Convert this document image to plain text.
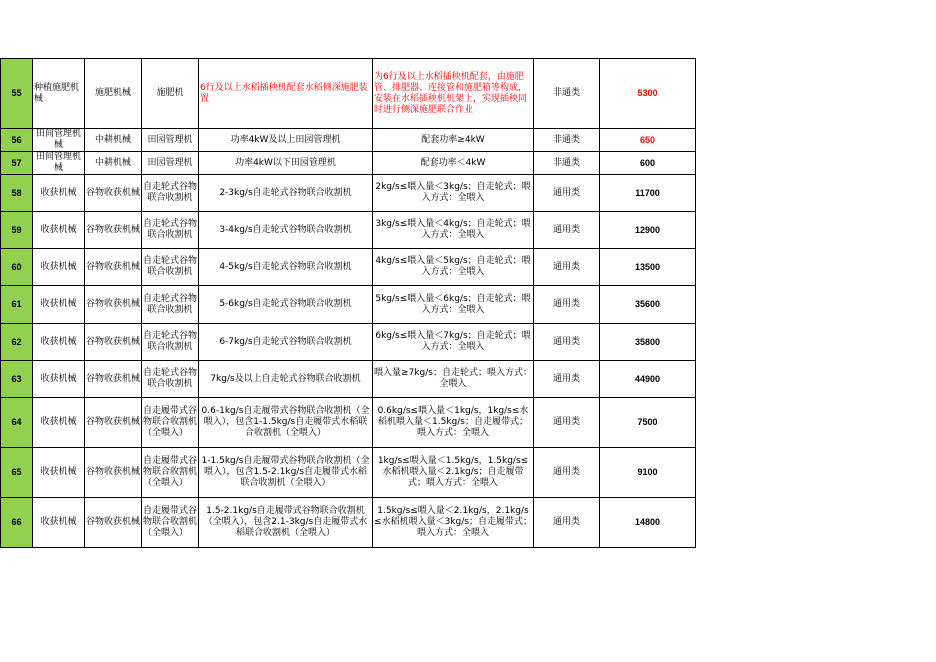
55	种植施肥机械	施肥机械	施肥机	6行及以上水稻插秧机配套水稻侧深施肥装置	为6行及以上水稻插秧机配套，由施肥管、排肥器、连接管和施肥箱等构成，安装在水稻插秧机机架上，实现插秧同时进行侧深施肥联合作业	非通类	5300
56	田间管理机械	中耕机械	田园管理机	功率4kW及以上田园管理机	配套功率≥4kW	非通类	650
57	田间管理机械	中耕机械	田园管理机	功率4kW以下田园管理机	配套功率＜4kW	非通类	600
58	收获机械	谷物收获机械	自走轮式谷物联合收割机	2-3kg/s自走轮式谷物联合收割机	2kg/s≤喂入量＜3kg/s；自走轮式；喂入方式：全喂入	通用类	11700
59	收获机械	谷物收获机械	自走轮式谷物联合收割机	3-4kg/s自走轮式谷物联合收割机	3kg/s≤喂入量＜4kg/s；自走轮式；喂入方式：全喂入	通用类	12900
60	收获机械	谷物收获机械	自走轮式谷物联合收割机	4-5kg/s自走轮式谷物联合收割机	4kg/s≤喂入量＜5kg/s；自走轮式；喂入方式：全喂入	通用类	13500
61	收获机械	谷物收获机械	自走轮式谷物联合收割机	5-6kg/s自走轮式谷物联合收割机	5kg/s≤喂入量＜6kg/s；自走轮式；喂入方式：全喂入	通用类	35600
62	收获机械	谷物收获机械	自走轮式谷物联合收割机	6-7kg/s自走轮式谷物联合收割机	6kg/s≤喂入量＜7kg/s；自走轮式；喂入方式：全喂入	通用类	35800
63	收获机械	谷物收获机械	自走轮式谷物联合收割机	7kg/s及以上自走轮式谷物联合收割机	喂入量≥7kg/s；自走轮式；喂入方式：全喂入	通用类	44900
64	收获机械	谷物收获机械	自走履带式谷物联合收割机（全喂入）	0.6-1kg/s自走履带式谷物联合收割机（全喂入），包含1-1.5kg/s自走履带式水稻联合收割机（全喂入）	0.6kg/s≤喂入量＜1kg/s，1kg/s≤水稻机喂入量＜1.5kg/s；自走履带式；喂入方式：全喂入	通用类	7500
65	收获机械	谷物收获机械	自走履带式谷物联合收割机（全喂入）	1-1.5kg/s自走履带式谷物联合收割机（全喂入），包含1.5-2.1kg/s自走履带式水稻联合收割机（全喂入）	1kg/s≤喂入量＜1.5kg/s，1.5kg/s≤水稻机喂入量＜2.1kg/s；自走履带式；喂入方式：全喂入	通用类	9100
66	收获机械	谷物收获机械	自走履带式谷物联合收割机（全喂入）	1.5-2.1kg/s自走履带式谷物联合收割机（全喂入），包含2.1-3kg/s自走履带式水稻联合收割机（全喂入）	1.5kg/s≤喂入量＜2.1kg/s，2.1kg/s≤水稻机喂入量＜3kg/s；自走履带式；喂入方式：全喂入	通用类	14800
